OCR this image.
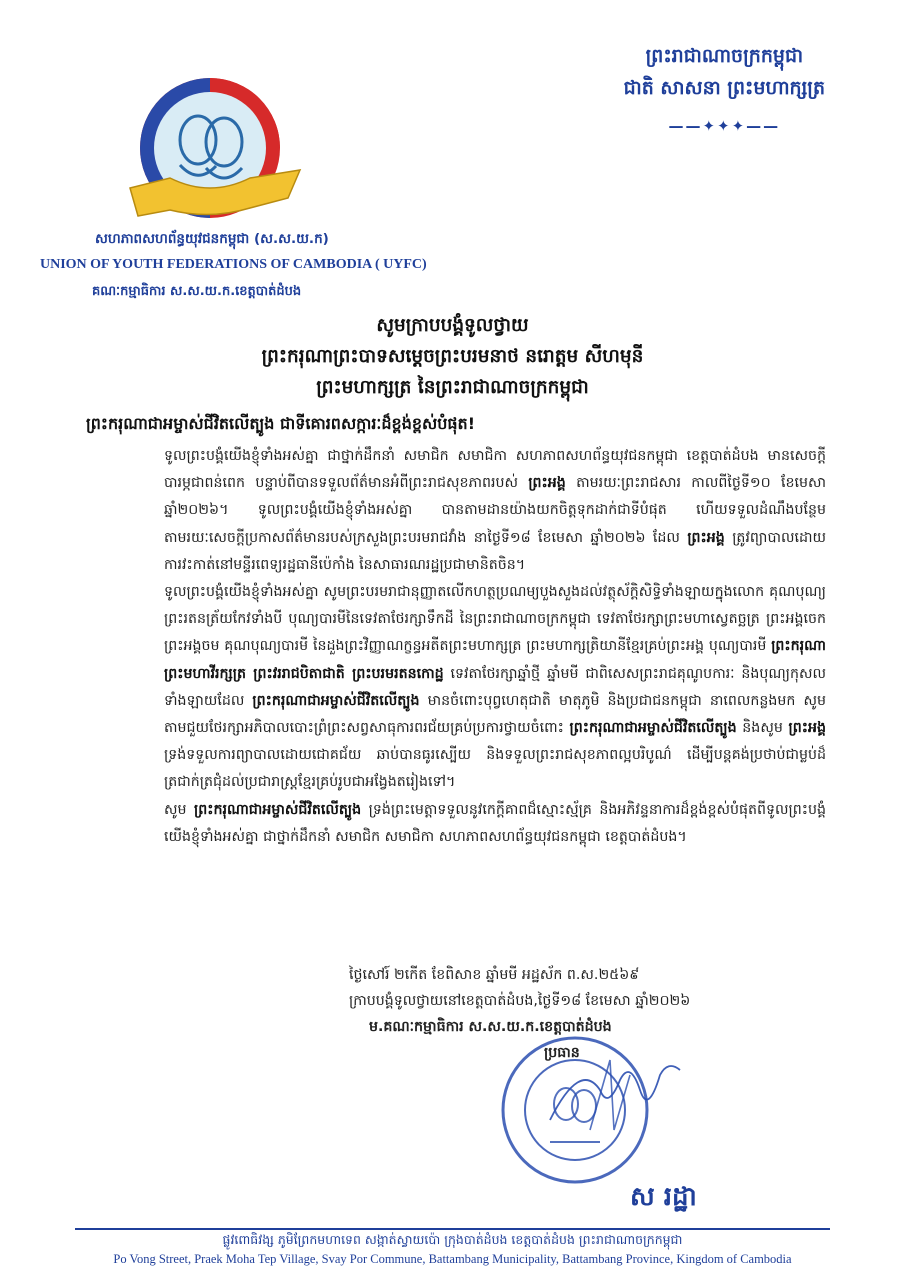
ព្រះរាជាណាចក្រកម្ពុជា
ជាតិ សាសនា ព្រះមហាក្សត្រ
——✦✦✦——
សហភាពសហព័ន្ធយុវជនកម្ពុជា (ស.ស.យ.ក)
UNION OF YOUTH FEDERATIONS OF CAMBODIA ( UYFC)
គណៈកម្មាធិការ ស.ស.យ.ក.ខេត្តបាត់ដំបង
សូមក្រាបបង្គំទូលថ្វាយ
ព្រះករុណាព្រះបាទសម្តេចព្រះបរមនាថ នរោត្តម សីហមុនី
ព្រះមហាក្សត្រ នៃព្រះរាជាណាចក្រកម្ពុជា
ព្រះករុណាជាអម្ចាស់ជីវិតលើត្បូង ជាទីគោរពសក្ការៈដ៏ខ្ពង់ខ្ពស់បំផុត!

ទូលព្រះបង្គំយើងខ្ញុំទាំងអស់គ្នា ជាថ្នាក់ដឹកនាំ សមាជិក សមាជិកា សហភាពសហព័ន្ធយុវជនកម្ពុជា ខេត្តបាត់ដំបង មានសេចក្តីបារម្ភជាពន់ពេក បន្ទាប់ពីបានទទួលព័ត៌មានអំពីព្រះរាជសុខភាពរបស់ ព្រះអង្គ តាមរយៈព្រះរាជសារ កាលពីថ្ងៃទី១០ ខែមេសា ឆ្នាំ២០២៦។ ទូលព្រះបង្គំយើងខ្ញុំទាំងអស់គ្នា បានតាមដានយ៉ាងយកចិត្តទុកដាក់ជាទីបំផុត ហើយទទួលដំណឹងបន្ថែម តាមរយៈសេចក្តីប្រកាសព័ត៌មានរបស់ក្រសួងព្រះបរមរាជវាំង នាថ្ងៃទី១៨ ខែមេសា ឆ្នាំ២០២៦ ដែល ព្រះអង្គ ត្រូវព្យាបាលដោយការវះកាត់នៅមន្ទីរពេទ្យរដ្ឋធានីប៉េកាំង នៃសាធារណរដ្ឋប្រជាមានិតចិន។

ទូលព្រះបង្គំយើងខ្ញុំទាំងអស់គ្នា សូមព្រះបរមរាជានុញ្ញាតលើកហត្ថប្រណម្យបួងសួងដល់វត្ថុស័ក្តិសិទ្ធិទាំងឡាយក្នុងលោក គុណបុណ្យព្រះរតនត្រ័យកែវទាំងបី បុណ្យបារមីនៃទេវតាថែរក្សាទឹកដី នៃព្រះរាជាណាចក្រកម្ពុជា ទេវតាថែរក្សាព្រះមហាស្វេតច្ឆត្រ ព្រះអង្គចេក ព្រះអង្គចម គុណបុណ្យបារមី នៃដួងព្រះវិញ្ញាណក្ខន្ធអតីតព្រះមហាក្សត្រ ព្រះមហាក្សត្រិយានីខ្មែរគ្រប់ព្រះអង្គ បុណ្យបារមី ព្រះករុណា ព្រះមហាវីរក្សត្រ ព្រះវររាជបិតាជាតិ ព្រះបរមរតនកោដ្ឋ ទេវតាថែរក្សាឆ្នាំថ្មី ឆ្នាំមមី ជាពិសេសព្រះរាជគុណូបការៈ និងបុណ្យកុសលទាំងឡាយដែល ព្រះករុណាជាអម្ចាស់ជីវិតលើត្បូង មានចំពោះបុព្វហេតុជាតិ មាតុភូមិ និងប្រជាជនកម្ពុជា នាពេលកន្លងមក សូមតាមជួយថែរក្សាអភិបាលបោះព្រំព្រះសព្វសាធុការពរជ័យគ្រប់ប្រការថ្វាយចំពោះ ព្រះករុណាជាអម្ចាស់ជីវិតលើត្បូង និងសូម ព្រះអង្គ ទ្រង់ទទួលការព្យាបាលដោយជោគជ័យ ឆាប់បានធូរស្បើយ និងទទួលព្រះរាជសុខភាពល្អបរិបូណ៌ ដើម្បីបន្តគង់ប្រថាប់ជាម្លប់ដ៏ត្រជាក់ត្រជុំដល់ប្រជារាស្ត្រខ្មែរគ្រប់រូបជាអង្វែងតរៀងទៅ។

សូម ព្រះករុណាជាអម្ចាស់ជីវិតលើត្បូង ទ្រង់ព្រះមេត្តាទទួលនូវកេក្តីគាពជ៏ស្មោះស្ម័គ្រ និងអភិវន្ទនាការដ៏ខ្ពង់ខ្ពស់បំផុតពីទូលព្រះបង្គំយើងខ្ញុំទាំងអស់គ្នា ជាថ្នាក់ដឹកនាំ សមាជិក សមាជិកា សហភាពសហព័ន្ធយុវជនកម្ពុជា ខេត្តបាត់ដំបង។

ថ្ងៃសៅរ៍ ២កើត ខែពិសាខ ឆ្នាំមមី អដ្ឋស័ក ព.ស.២៥៦៩
ក្រាបបង្គំទូលថ្វាយនៅខេត្តបាត់ដំបង,ថ្ងៃទី១៨ ខែមេសា ឆ្នាំ២០២៦
ម.គណៈកម្មាធិការ ស.ស.យ.ក.ខេត្តបាត់ដំបង
ប្រធាន
ស រដ្ឋា
ផ្លូវពោធិវង្ស ភូមិព្រែកមហាទេព សង្កាត់ស្វាយប៉ោ ក្រុងបាត់ដំបង ខេត្តបាត់ដំបង ព្រះរាជាណាចក្រកម្ពុជា
Po Vong Street, Praek Moha Tep Village, Svay Por Commune, Battambang Municipality, Battambang Province, Kingdom of Cambodia
